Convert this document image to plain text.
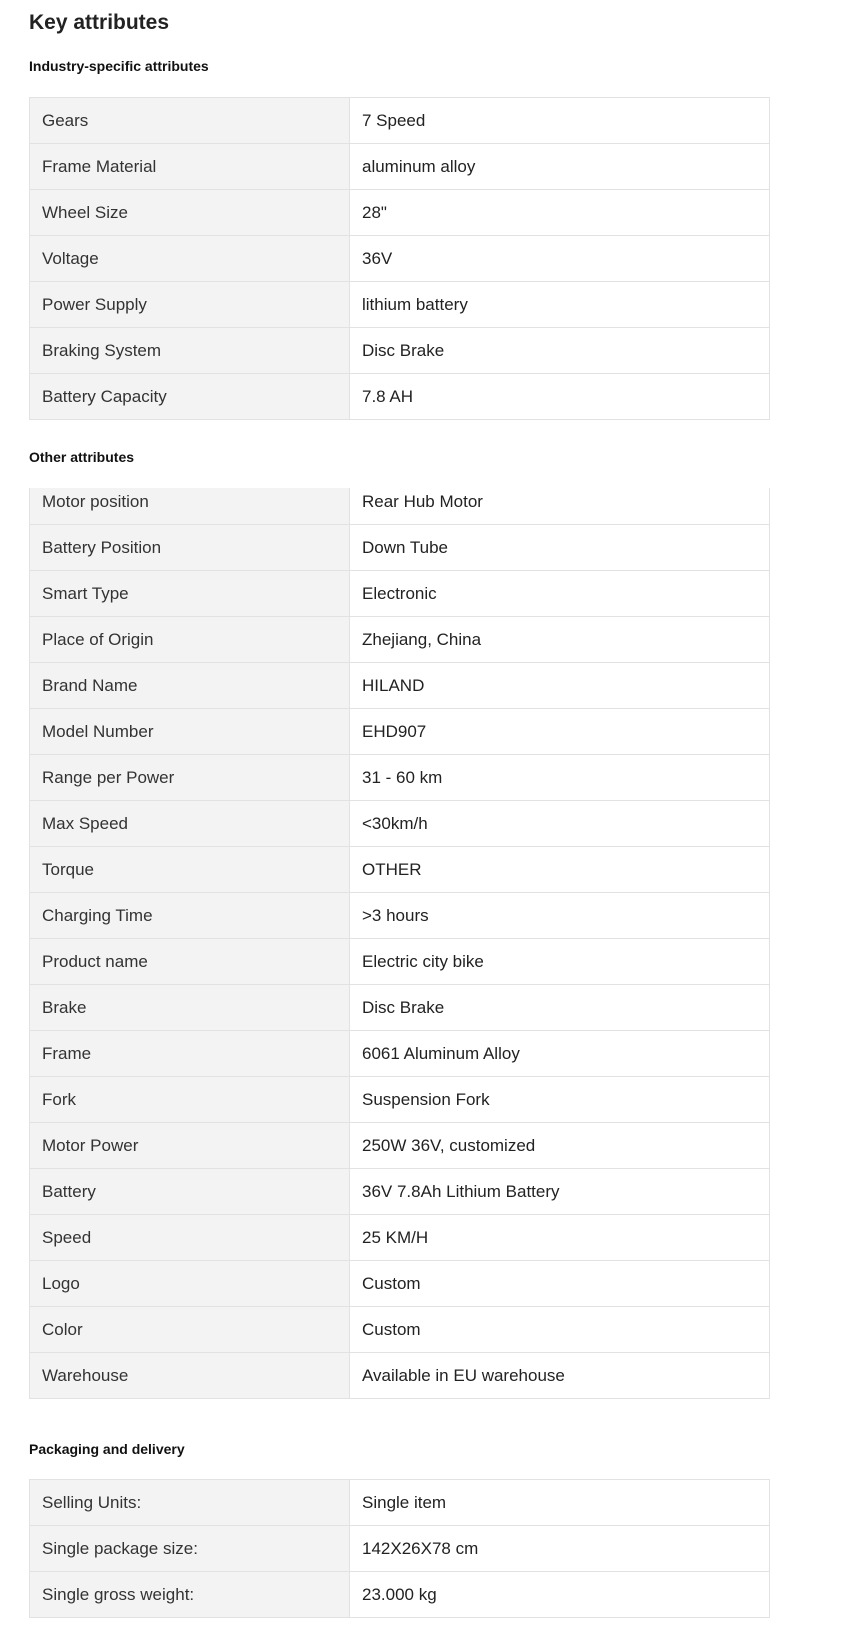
Key attributes
Industry-specific attributes
Gears	7 Speed
Frame Material	aluminum alloy
Wheel Size	28"
Voltage	36V
Power Supply	lithium battery
Braking System	Disc Brake
Battery Capacity	7.8 AH
Other attributes
Motor position	Rear Hub Motor
Battery Position	Down Tube
Smart Type	Electronic
Place of Origin	Zhejiang, China
Brand Name	HILAND
Model Number	EHD907
Range per Power	31 - 60 km
Max Speed	<30km/h
Torque	OTHER
Charging Time	>3 hours
Product name	Electric city bike
Brake	Disc Brake
Frame	6061 Aluminum Alloy
Fork	Suspension Fork
Motor Power	250W 36V, customized
Battery	36V 7.8Ah Lithium Battery
Speed	25 KM/H
Logo	Custom
Color	Custom
Warehouse	Available in EU warehouse
Packaging and delivery
Selling Units:	Single item
Single package size:	142X26X78 cm
Single gross weight:	23.000 kg
